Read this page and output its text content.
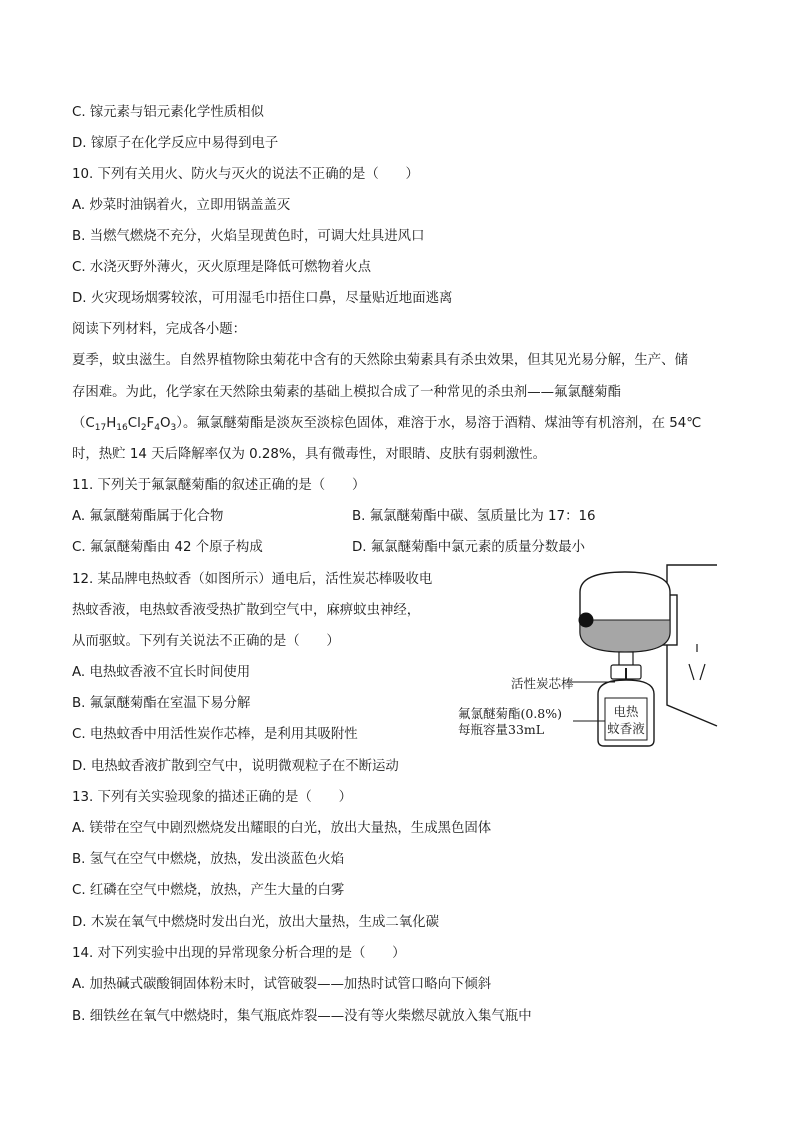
C. 镓元素与铝元素化学性质相似
D. 镓原子在化学反应中易得到电子
10. 下列有关用火、防火与灭火的说法不正确的是（　　）
A. 炒菜时油锅着火，立即用锅盖盖灭
B. 当燃气燃烧不充分，火焰呈现黄色时，可调大灶具进风口
C. 水浇灭野外薄火，灭火原理是降低可燃物着火点
D. 火灾现场烟雾较浓，可用湿毛巾捂住口鼻，尽量贴近地面逃离
阅读下列材料，完成各小题：
夏季，蚊虫滋生。自然界植物除虫菊花中含有的天然除虫菊素具有杀虫效果，但其见光易分解，生产、储
存困难。为此，化学家在天然除虫菊素的基础上模拟合成了一种常见的杀虫剂——氟氯醚菊酯
$(C_{17}H_{16}Cl_2F_4O_3)$。氟氯醚菊酯是淡灰至淡棕色固体，难溶于水，易溶于酒精、煤油等有机溶剂，在 54℃
时，热贮 14 天后降解率仅为 0.28%，具有微毒性，对眼睛、皮肤有弱刺激性。
11. 下列关于氟氯醚菊酯的叙述正确的是（　　）
A. 氟氯醚菊酯属于化合物	B. 氟氯醚菊酯中碳、氢质量比为 17：16
C. 氟氯醚菊酯由 42 个原子构成	D. 氟氯醚菊酯中氯元素的质量分数最小
12. 某品牌电热蚊香（如图所示）通电后，活性炭芯棒吸收电
热蚊香液，电热蚊香液受热扩散到空气中，麻痹蚊虫神经，
从而驱蚊。下列有关说法不正确的是（　　）
A. 电热蚊香液不宜长时间使用
B. 氟氯醚菊酯在室温下易分解
C. 电热蚊香中用活性炭作芯棒，是利用其吸附性
D. 电热蚊香液扩散到空气中，说明微观粒子在不断运动
13. 下列有关实验现象的描述正确的是（　　）
A. 镁带在空气中剧烈燃烧发出耀眼的白光，放出大量热，生成黑色固体
B. 氢气在空气中燃烧，放热，发出淡蓝色火焰
C. 红磷在空气中燃烧，放热，产生大量的白雾
D. 木炭在氧气中燃烧时发出白光，放出大量热，生成二氧化碳
14. 对下列实验中出现的异常现象分析合理的是（　　）
A. 加热碱式碳酸铜固体粉末时，试管破裂——加热时试管口略向下倾斜
B. 细铁丝在氧气中燃烧时，集气瓶底炸裂——没有等火柴燃尽就放入集气瓶中
活性炭芯棒
氟氯醚菊酯(0.8%)
每瓶容量33mL
电热
蚊香液
